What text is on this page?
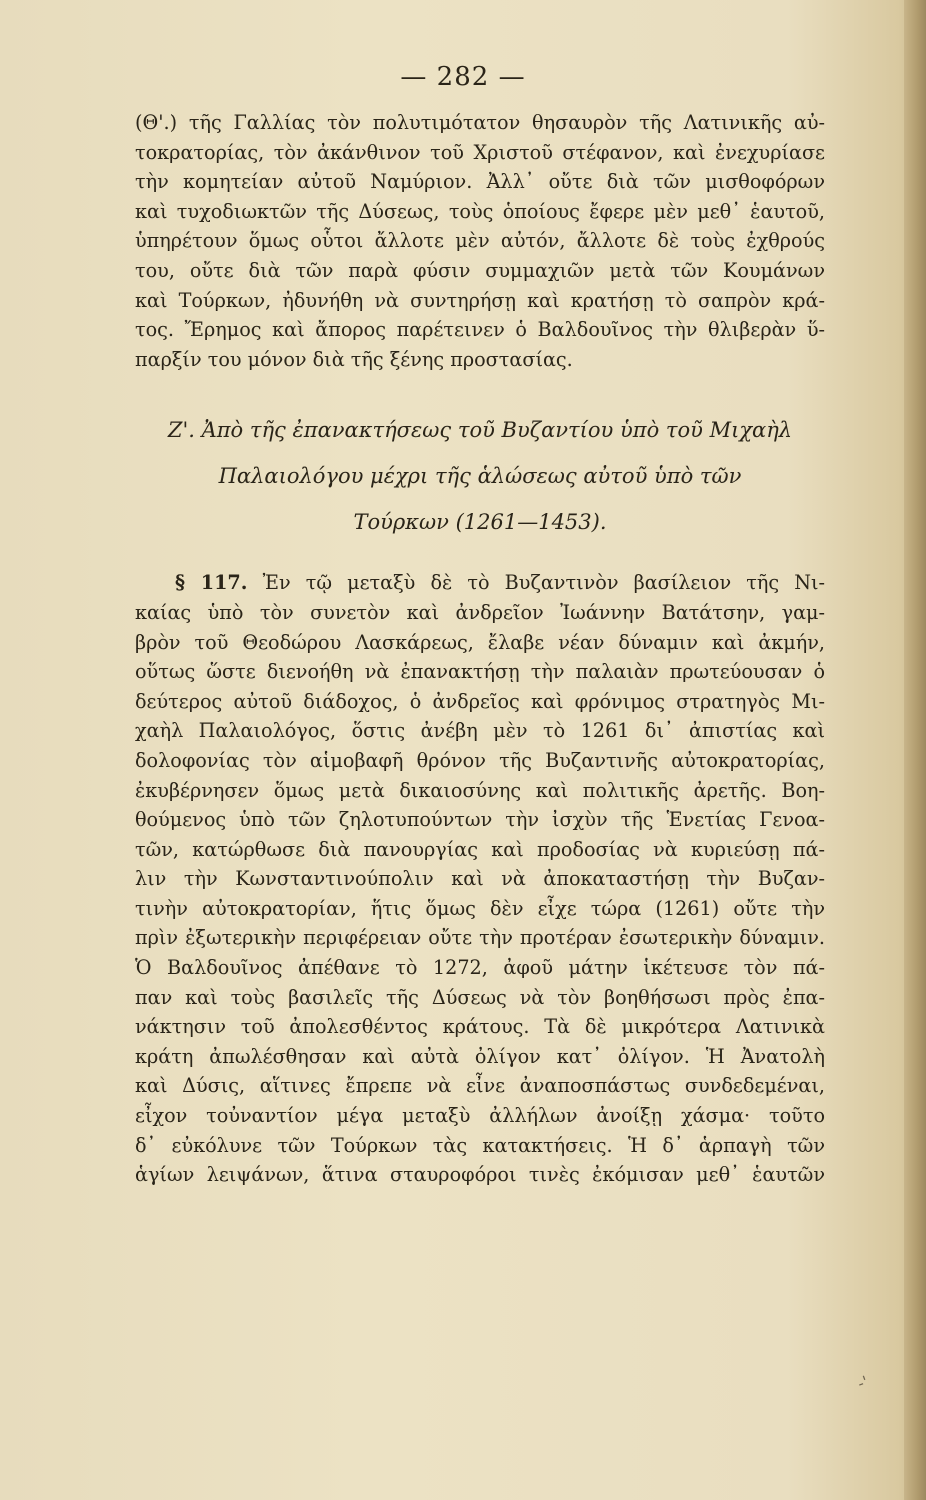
— 282 —
(Θ'.) τῆς Γαλλίας τὸν πολυτιμότατον θησαυρὸν τῆς Λατινικῆς αὐ-
τοκρατορίας, τὸν ἀκάνθινον τοῦ Χριστοῦ στέφανον, καὶ ἐνεχυρίασε
τὴν κομητείαν αὐτοῦ Ναμύριον. Ἀλλ᾽ οὔτε διὰ τῶν μισθοφόρων
καὶ τυχοδιωκτῶν τῆς Δύσεως, τοὺς ὁποίους ἔφερε μὲν μεθ᾽ ἑαυτοῦ,
ὑπηρέτουν ὅμως οὗτοι ἄλλοτε μὲν αὐτόν, ἄλλοτε δὲ τοὺς ἐχθρούς
του, οὔτε διὰ τῶν παρὰ φύσιν συμμαχιῶν μετὰ τῶν Κουμάνων
καὶ Τούρκων, ἠδυνήθη νὰ συντηρήσῃ καὶ κρατήσῃ τὸ σαπρὸν κρά-
τος. Ἔρημος καὶ ἄπορος παρέτεινεν ὁ Βαλδουῖνος τὴν θλιβερὰν ὕ-
παρξίν του μόνον διὰ τῆς ξένης προστασίας.
Ζ'. Ἀπὸ τῆς ἐπανακτήσεως τοῦ Βυζαντίου ὑπὸ τοῦ Μιχαὴλ
Παλαιολόγου μέχρι τῆς ἁλώσεως αὐτοῦ ὑπὸ τῶν
Τούρκων (1261—1453).
§ 117. Ἐν τῷ μεταξὺ δὲ τὸ Βυζαντινὸν βασίλειον τῆς Νι-
καίας ὑπὸ τὸν συνετὸν καὶ ἀνδρεῖον Ἰωάννην Βατάτσην, γαμ-
βρὸν τοῦ Θεοδώρου Λασκάρεως, ἔλαβε νέαν δύναμιν καὶ ἀκμήν,
οὕτως ὥστε διενοήθη νὰ ἐπανακτήσῃ τὴν παλαιὰν πρωτεύουσαν ὁ
δεύτερος αὐτοῦ διάδοχος, ὁ ἀνδρεῖος καὶ φρόνιμος στρατηγὸς Μι-
χαὴλ Παλαιολόγος, ὅστις ἀνέβη μὲν τὸ 1261 δι᾽ ἀπιστίας καὶ
δολοφονίας τὸν αἱμοβαφῆ θρόνον τῆς Βυζαντινῆς αὐτοκρατορίας,
ἐκυβέρνησεν ὅμως μετὰ δικαιοσύνης καὶ πολιτικῆς ἀρετῆς. Βοη-
θούμενος ὑπὸ τῶν ζηλοτυπούντων τὴν ἰσχὺν τῆς Ἑνετίας Γενοα-
τῶν, κατώρθωσε διὰ πανουργίας καὶ προδοσίας νὰ κυριεύσῃ πά-
λιν τὴν Κωνσταντινούπολιν καὶ νὰ ἀποκαταστήσῃ τὴν Βυζαν-
τινὴν αὐτοκρατορίαν, ἥτις ὅμως δὲν εἶχε τώρα (1261) οὔτε τὴν
πρὶν ἐξωτερικὴν περιφέρειαν οὔτε τὴν προτέραν ἐσωτερικὴν δύναμιν.
Ὁ Βαλδουῖνος ἀπέθανε τὸ 1272, ἀφοῦ μάτην ἱκέτευσε τὸν πά-
παν καὶ τοὺς βασιλεῖς τῆς Δύσεως νὰ τὸν βοηθήσωσι πρὸς ἐπα-
νάκτησιν τοῦ ἀπολεσθέντος κράτους. Τὰ δὲ μικρότερα Λατινικὰ
κράτη ἀπωλέσθησαν καὶ αὐτὰ ὀλίγον κατ᾽ ὀλίγον. Ἡ Ἀνατολὴ
καὶ Δύσις, αἵτινες ἔπρεπε νὰ εἶνε ἀναποσπάστως συνδεδεμέναι,
εἶχον τοὐναντίον μέγα μεταξὺ ἀλλήλων ἀνοίξῃ χάσμα· τοῦτο
δ᾽ εὐκόλυνε τῶν Τούρκων τὰς κατακτήσεις. Ἡ δ᾽ ἁρπαγὴ τῶν
ἁγίων λειψάνων, ἅτινα σταυροφόροι τινὲς ἐκόμισαν μεθ᾽ ἑαυτῶν
-'
